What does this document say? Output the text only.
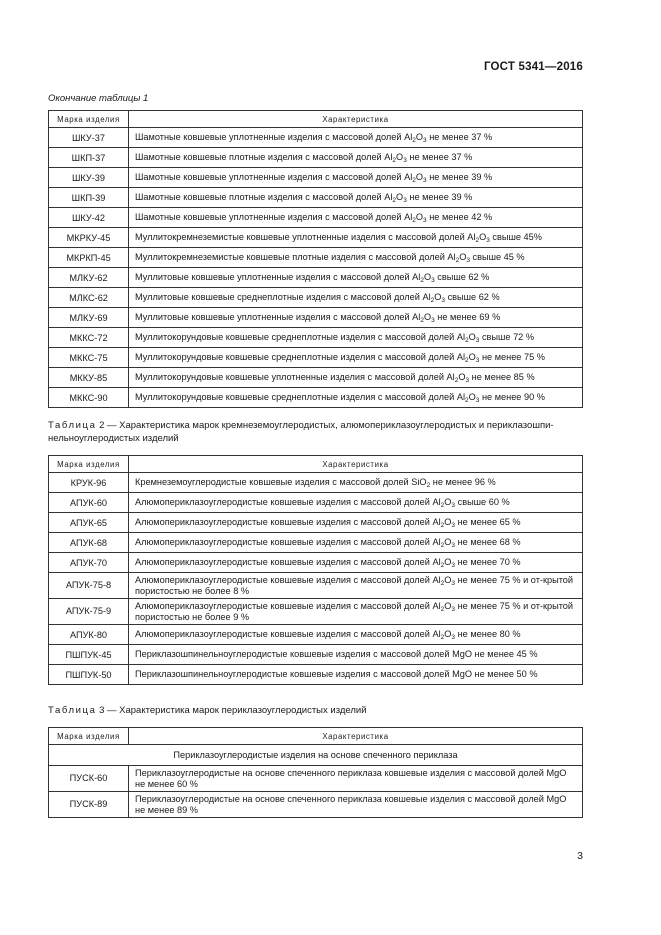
ГОСТ 5341—2016
Окончание таблицы 1
Марка изделия	Характеристика
ШКУ-37	Шамотные ковшевые уплотненные изделия с массовой долей $Al_2O_3$ не менее 37 %
ШКП-37	Шамотные ковшевые плотные изделия с массовой долей $Al_2O_3$ не менее 37 %
ШКУ-39	Шамотные ковшевые уплотненные изделия с массовой долей $Al_2O_3$ не менее 39 %
ШКП-39	Шамотные ковшевые плотные изделия с массовой долей $Al_2O_3$ не менее 39 %
ШКУ-42	Шамотные ковшевые уплотненные изделия с массовой долей $Al_2O_3$ не менее 42 %
МКРКУ-45	Муллитокремнеземистые ковшевые уплотненные изделия с массовой долей $Al_2O_3$ свыше 45%
МКРКП-45	Муллитокремнеземистые ковшевые плотные изделия с массовой долей $Al_2O_3$ свыше 45 %
МЛКУ-62	Муллитовые ковшевые уплотненные изделия с массовой долей $Al_2O_3$ свыше 62 %
МЛКС-62	Муллитовые ковшевые среднеплотные изделия с массовой долей $Al_2O_3$ свыше 62 %
МЛКУ-69	Муллитовые ковшевые уплотненные изделия с массовой долей $Al_2O_3$ не менее 69 %
МККС-72	Муллитокорундовые ковшевые среднеплотные изделия с массовой долей $Al_2O_3$ свыше 72 %
МККС-75	Муллитокорундовые ковшевые среднеплотные изделия с массовой долей $Al_2O_3$ не менее 75 %
МККУ-85	Муллитокорундовые ковшевые уплотненные изделия с массовой долей $Al_2O_3$ не менее 85 %
МККС-90	Муллитокорундовые ковшевые среднеплотные изделия с массовой долей $Al_2O_3$ не менее 90 %
Таблица 2 — Характеристика марок кремнеземоуглеродистых, алюмопериклазоуглеродистых и периклазошпи-нельноуглеродистых изделий
Марка изделия	Характеристика
КРУК-96	Кремнеземоуглеродистые ковшевые изделия с массовой долей SiO$_2$ не менее 96 %
АПУК-60	Алюмопериклазоуглеродистые ковшевые изделия с массовой долей $Al_2O_3$ свыше 60 %
АПУК-65	Алюмопериклазоуглеродистые ковшевые изделия с массовой долей $Al_2O_3$ не менее 65 %
АПУК-68	Алюмопериклазоуглеродистые ковшевые изделия с массовой долей $Al_2O_3$ не менее 68 %
АПУК-70	Алюмопериклазоуглеродистые ковшевые изделия с массовой долей $Al_2O_3$ не менее 70 %
АПУК-75-8	Алюмопериклазоуглеродистые ковшевые изделия с массовой долей $Al_2O_3$ не менее 75 % и от-крытой пористостью не более 8 %
АПУК-75-9	Алюмопериклазоуглеродистые ковшевые изделия с массовой долей $Al_2O_3$ не менее 75 % и от-крытой пористостью не более 9 %
АПУК-80	Алюмопериклазоуглеродистые ковшевые изделия с массовой долей $Al_2O_3$ не менее 80 %
ПШПУК-45	Периклазошпинельноуглеродистые ковшевые изделия с массовой долей MgO не менее 45 %
ПШПУК-50	Периклазошпинельноуглеродистые ковшевые изделия с массовой долей MgO не менее 50 %
Таблица 3 — Характеристика марок периклазоуглеродистых изделий
Марка изделия	Характеристика
Периклазоуглеродистые изделия на основе спеченного периклаза	
ПУСК-60	Периклазоуглеродистые на основе спеченного периклаза ковшевые изделия с массовой долей MgO не менее 60 %
ПУСК-89	Периклазоуглеродистые на основе спеченного периклаза ковшевые изделия с массовой долей MgO не менее 89 %
3
